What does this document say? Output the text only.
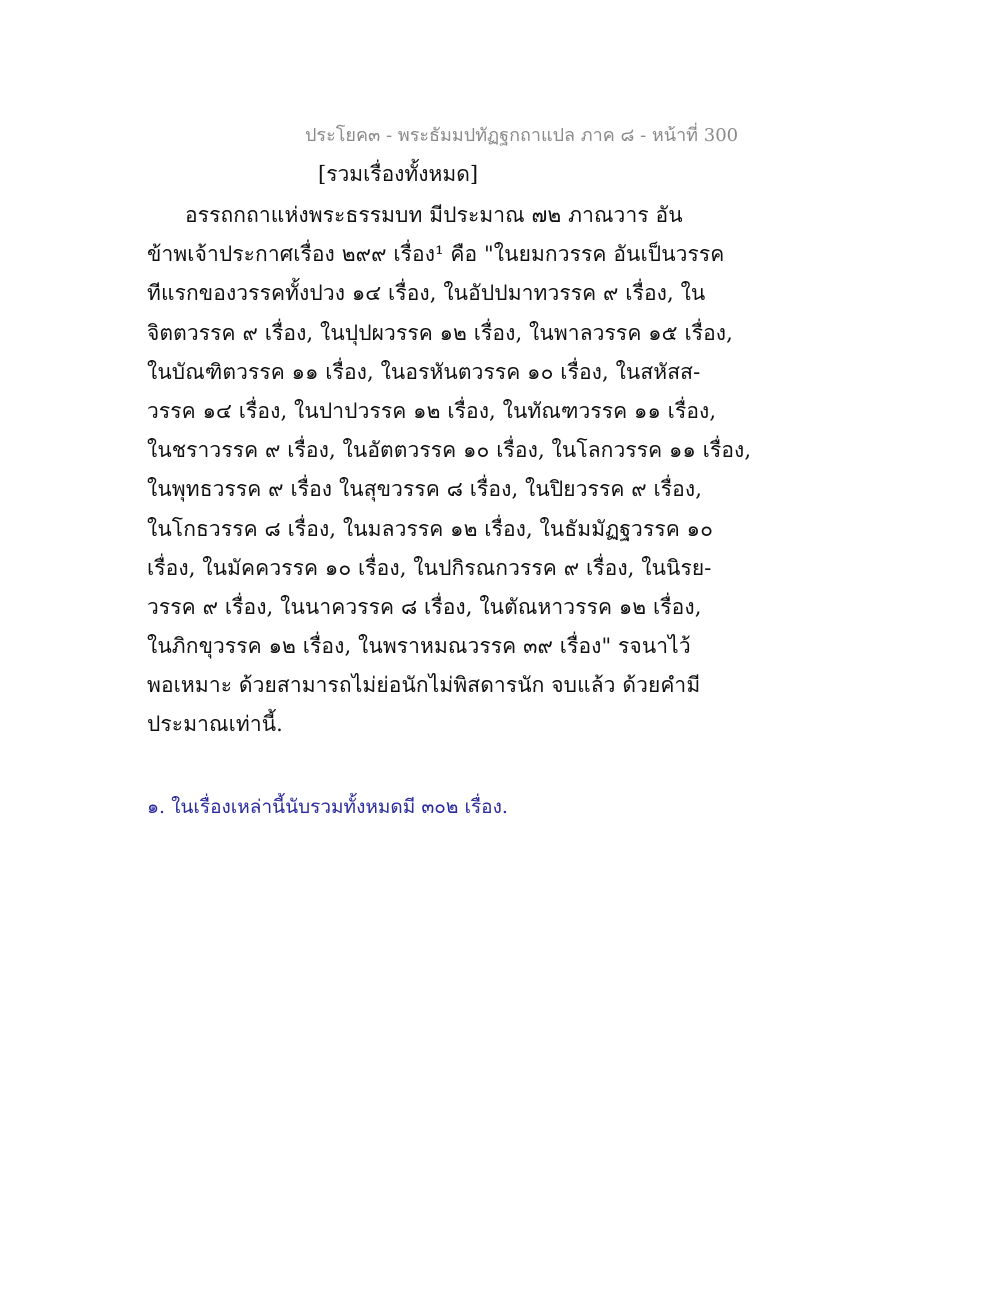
ประโยค๓ - พระธัมมปทัฏฐกถาแปล ภาค ๘ - หน้าที่ 300
[รวมเรื่องทั้งหมด]
อรรถกถาแห่งพระธรรมบท มีประมาณ ๗๒ ภาณวาร อัน
ข้าพเจ้าประกาศเรื่อง ๒๙๙ เรื่อง¹ คือ "ในยมกวรรค อันเป็นวรรค
ทีแรกของวรรคทั้งปวง ๑๔ เรื่อง, ในอัปปมาทวรรค ๙ เรื่อง, ใน
จิตตวรรค ๙ เรื่อง, ในปุปผวรรค ๑๒ เรื่อง, ในพาลวรรค ๑๕ เรื่อง,
ในบัณฑิตวรรค ๑๑ เรื่อง, ในอรหันตวรรค ๑๐ เรื่อง, ในสหัสส-
วรรค ๑๔ เรื่อง, ในปาปวรรค ๑๒ เรื่อง, ในทัณฑวรรค ๑๑ เรื่อง,
ในชราวรรค ๙ เรื่อง, ในอัตตวรรค ๑๐ เรื่อง, ในโลกวรรค ๑๑ เรื่อง,
ในพุทธวรรค ๙ เรื่อง ในสุขวรรค ๘ เรื่อง, ในปิยวรรค ๙ เรื่อง,
ในโกธวรรค ๘ เรื่อง, ในมลวรรค ๑๒ เรื่อง, ในธัมมัฏฐวรรค ๑๐
เรื่อง, ในมัคควรรค ๑๐ เรื่อง, ในปกิรณกวรรค ๙ เรื่อง, ในนิรย-
วรรค ๙ เรื่อง, ในนาควรรค ๘ เรื่อง, ในตัณหาวรรค ๑๒ เรื่อง,
ในภิกขุวรรค ๑๒ เรื่อง, ในพราหมณวรรค ๓๙ เรื่อง" รจนาไว้
พอเหมาะ ด้วยสามารถไม่ย่อนักไม่พิสดารนัก จบแล้ว ด้วยคำมี
ประมาณเท่านี้.
๑. ในเรื่องเหล่านี้นับรวมทั้งหมดมี ๓๐๒ เรื่อง.
